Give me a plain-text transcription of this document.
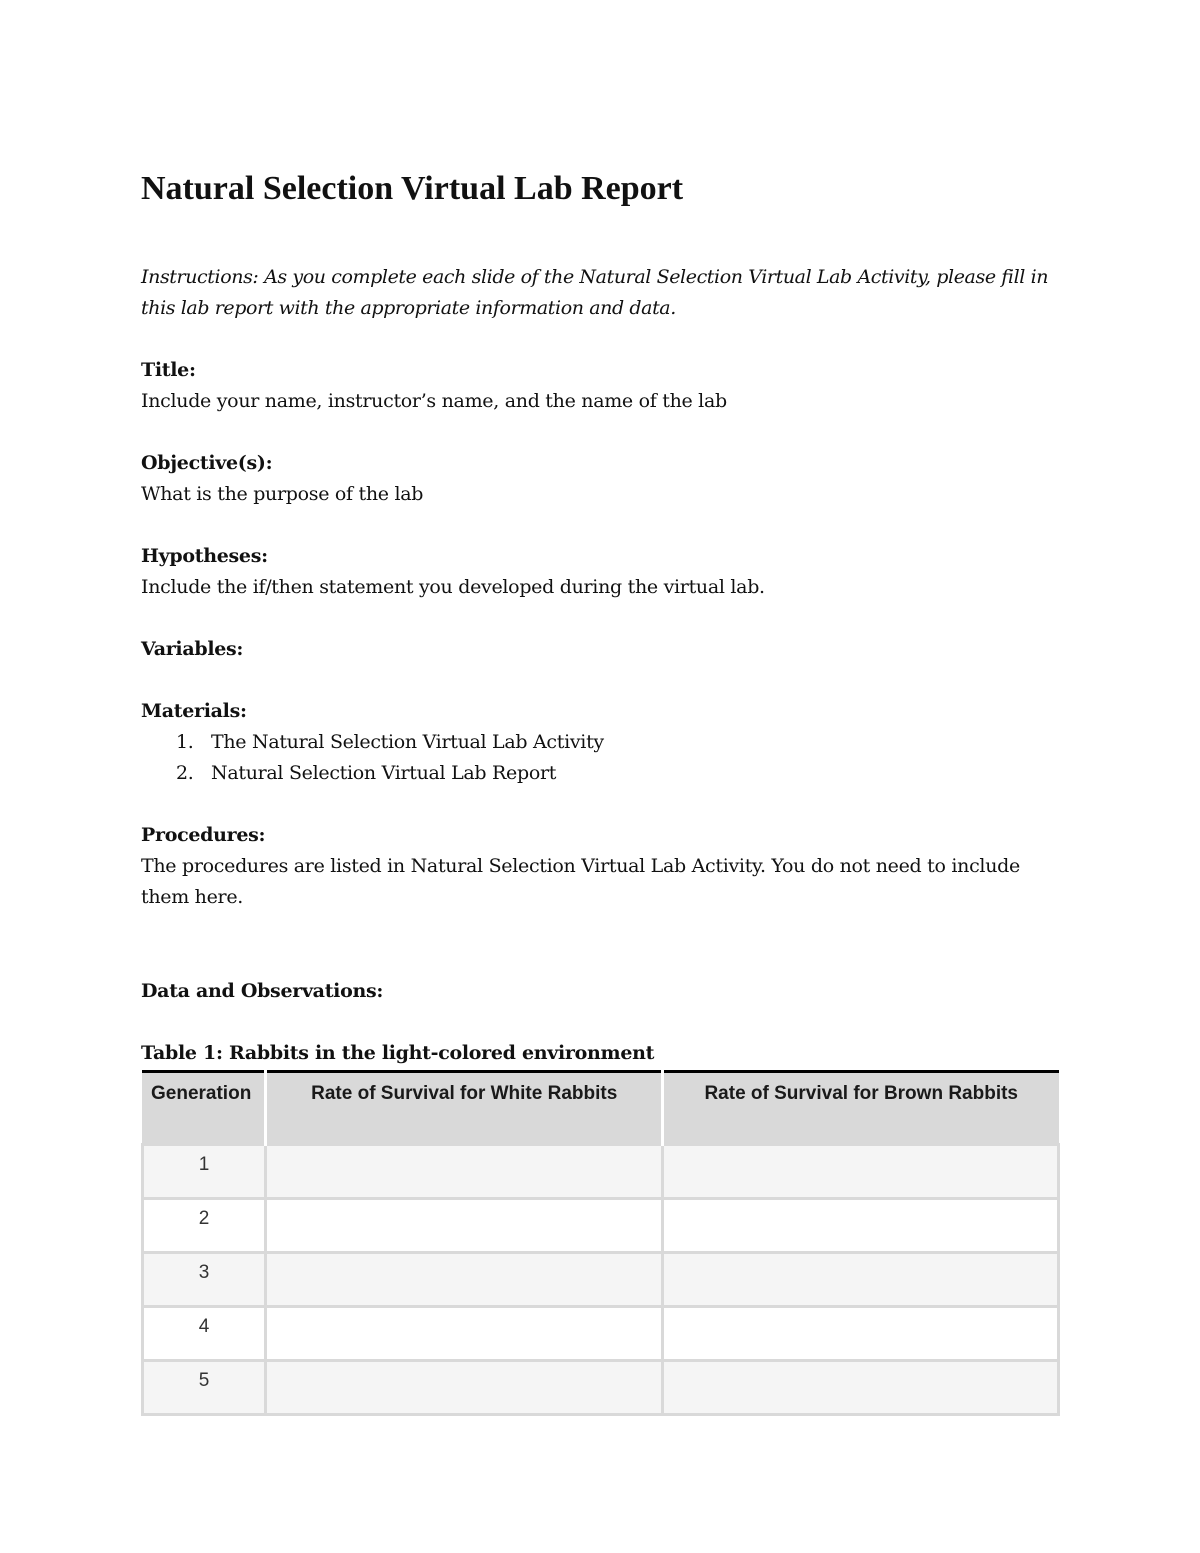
Natural Selection Virtual Lab Report

Instructions: As you complete each slide of the Natural Selection Virtual Lab Activity, please fill in this lab report with the appropriate information and data.

Title:
Include your name, instructor’s name, and the name of the lab
Objective(s):
What is the purpose of the lab
Hypotheses:
Include the if/then statement you developed during the virtual lab.
Variables:
Materials:
1. The Natural Selection Virtual Lab Activity
2. Natural Selection Virtual Lab Report
Procedures:
The procedures are listed in Natural Selection Virtual Lab Activity. You do not need to include them here.
Data and Observations:
Table 1: Rabbits in the light-colored environment
Generation	Rate of Survival for White Rabbits	Rate of Survival for Brown Rabbits
1		
2		
3		
4		
5		
